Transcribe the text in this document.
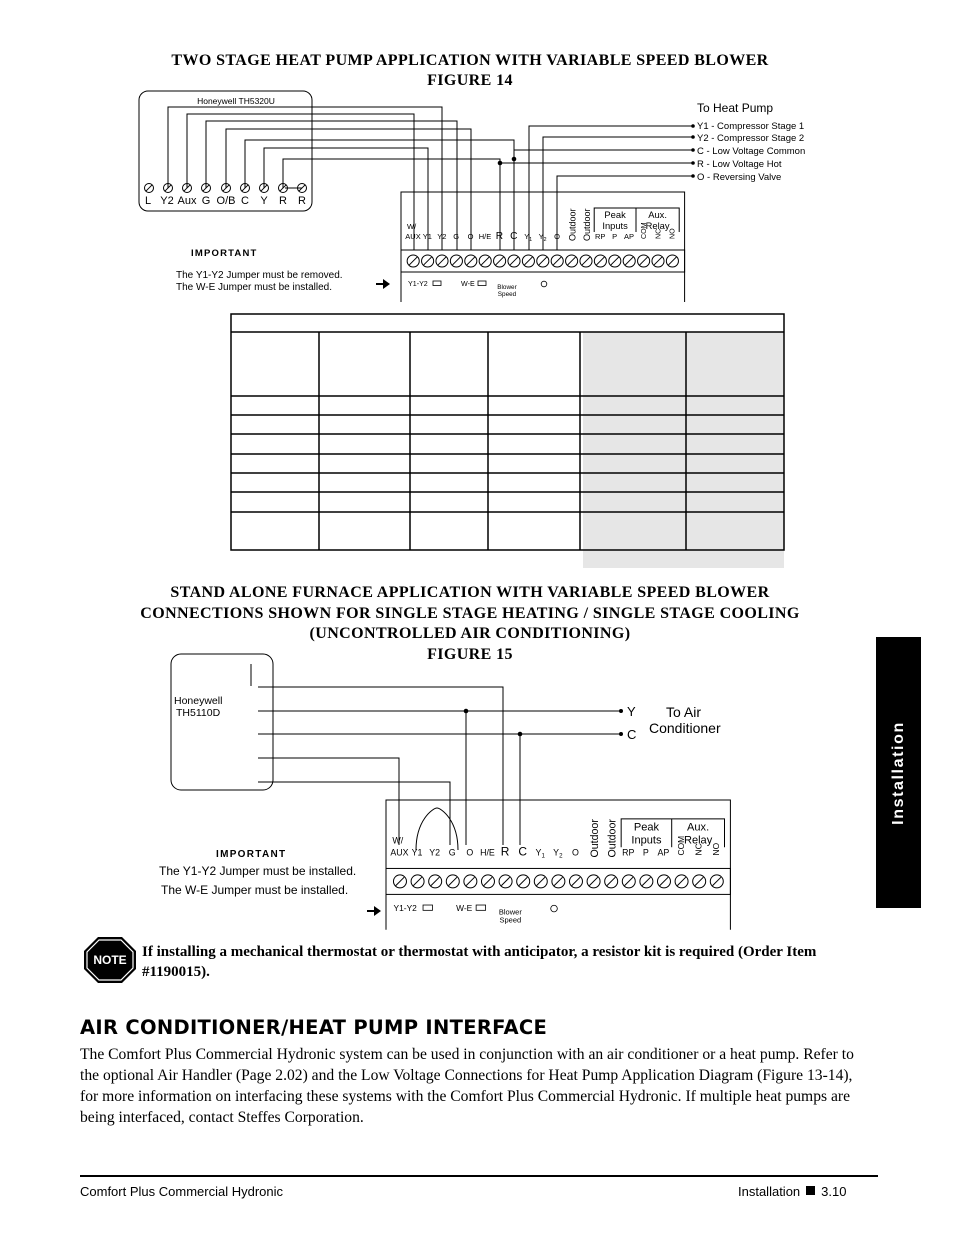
TWO STAGE HEAT PUMP APPLICATION WITH VARIABLE SPEED BLOWER
FIGURE 14
Honeywell TH5320U
L Y2 Aux G O/B C Y R R
To Heat Pump
Y1 - Compressor Stage 1
Y2 - Compressor Stage 2
C - Low Voltage Common
R - Low Voltage Hot
O - Reversing Valve
AUX Y1 Y2 G O H/E R C $Y_1$ $Y_2$ O	RP P AP COM NC NO
W/	Outdoor Outdoor Peak
Inputs
Aux.
Relay
Y1-Y2	W-E	Blower
Speed
IMPORTANT
The Y1-Y2 Jumper must be removed.
The W-E Jumper must be installed.
Honeywell
TH5110D	Y
C
To Air
Conditioner
AUX Y1 Y2 G O H/E R C $Y_1$ $Y_2$ O	RP P AP COM NC NO
W/	Outdoor Outdoor Peak
Inputs
Aux.
Relay
Y1-Y2	W-E	Blower
Speed
IMPORTANT
The Y1-Y2 Jumper must be installed.
The W-E Jumper must be installed.
NOTE
STAND ALONE FURNACE APPLICATION WITH VARIABLE SPEED BLOWER
CONNECTIONS SHOWN FOR SINGLE STAGE HEATING / SINGLE STAGE COOLING
(UNCONTROLLED AIR CONDITIONING)
FIGURE 15
If installing a mechanical thermostat or thermostat with anticipator, a resistor kit is required (Order Item #1190015).
AIR CONDITIONER/HEAT PUMP INTERFACE
The Comfort Plus Commercial Hydronic system can be used in conjunction with an air conditioner or a heat pump. Refer to the optional Air Handler (Page 2.02) and the Low Voltage Connections for Heat Pump Application Diagram (Figure 13-14), for more information on interfacing these systems with the Comfort Plus Commercial Hydronic. If multiple heat pumps are being interfaced, contact Steffes Corporation.
Installation
Comfort Plus Commercial Hydronic	Installation 3.10
